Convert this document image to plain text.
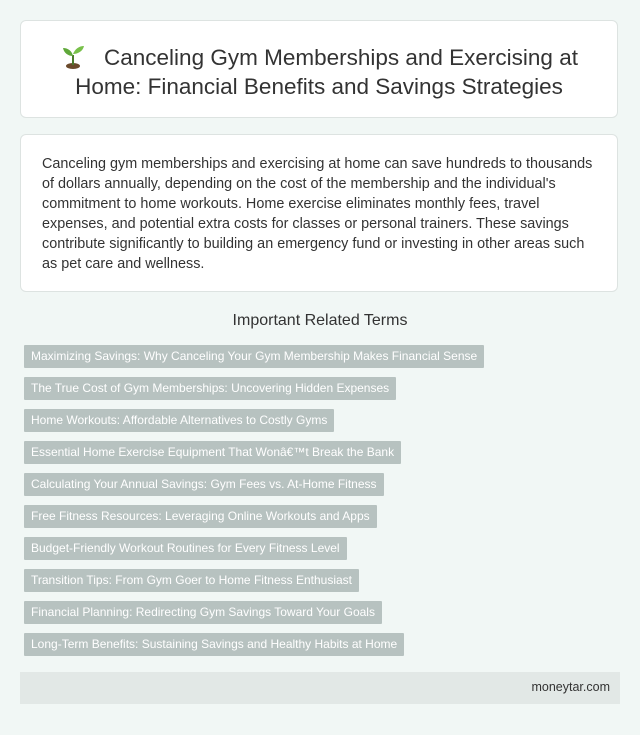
Canceling Gym Memberships and Exercising at Home: Financial Benefits and Savings Strategies

Canceling gym memberships and exercising at home can save hundreds to thousands of dollars annually, depending on the cost of the membership and the individual's commitment to home workouts. Home exercise eliminates monthly fees, travel expenses, and potential extra costs for classes or personal trainers. These savings contribute significantly to building an emergency fund or investing in other areas such as pet care and wellness.

Important Related Terms
Maximizing Savings: Why Canceling Your Gym Membership Makes Financial Sense
The True Cost of Gym Memberships: Uncovering Hidden Expenses
Home Workouts: Affordable Alternatives to Costly Gyms
Essential Home Exercise Equipment That Wonâ€™t Break the Bank
Calculating Your Annual Savings: Gym Fees vs. At-Home Fitness
Free Fitness Resources: Leveraging Online Workouts and Apps
Budget-Friendly Workout Routines for Every Fitness Level
Transition Tips: From Gym Goer to Home Fitness Enthusiast
Financial Planning: Redirecting Gym Savings Toward Your Goals
Long-Term Benefits: Sustaining Savings and Healthy Habits at Home
moneytar.com
